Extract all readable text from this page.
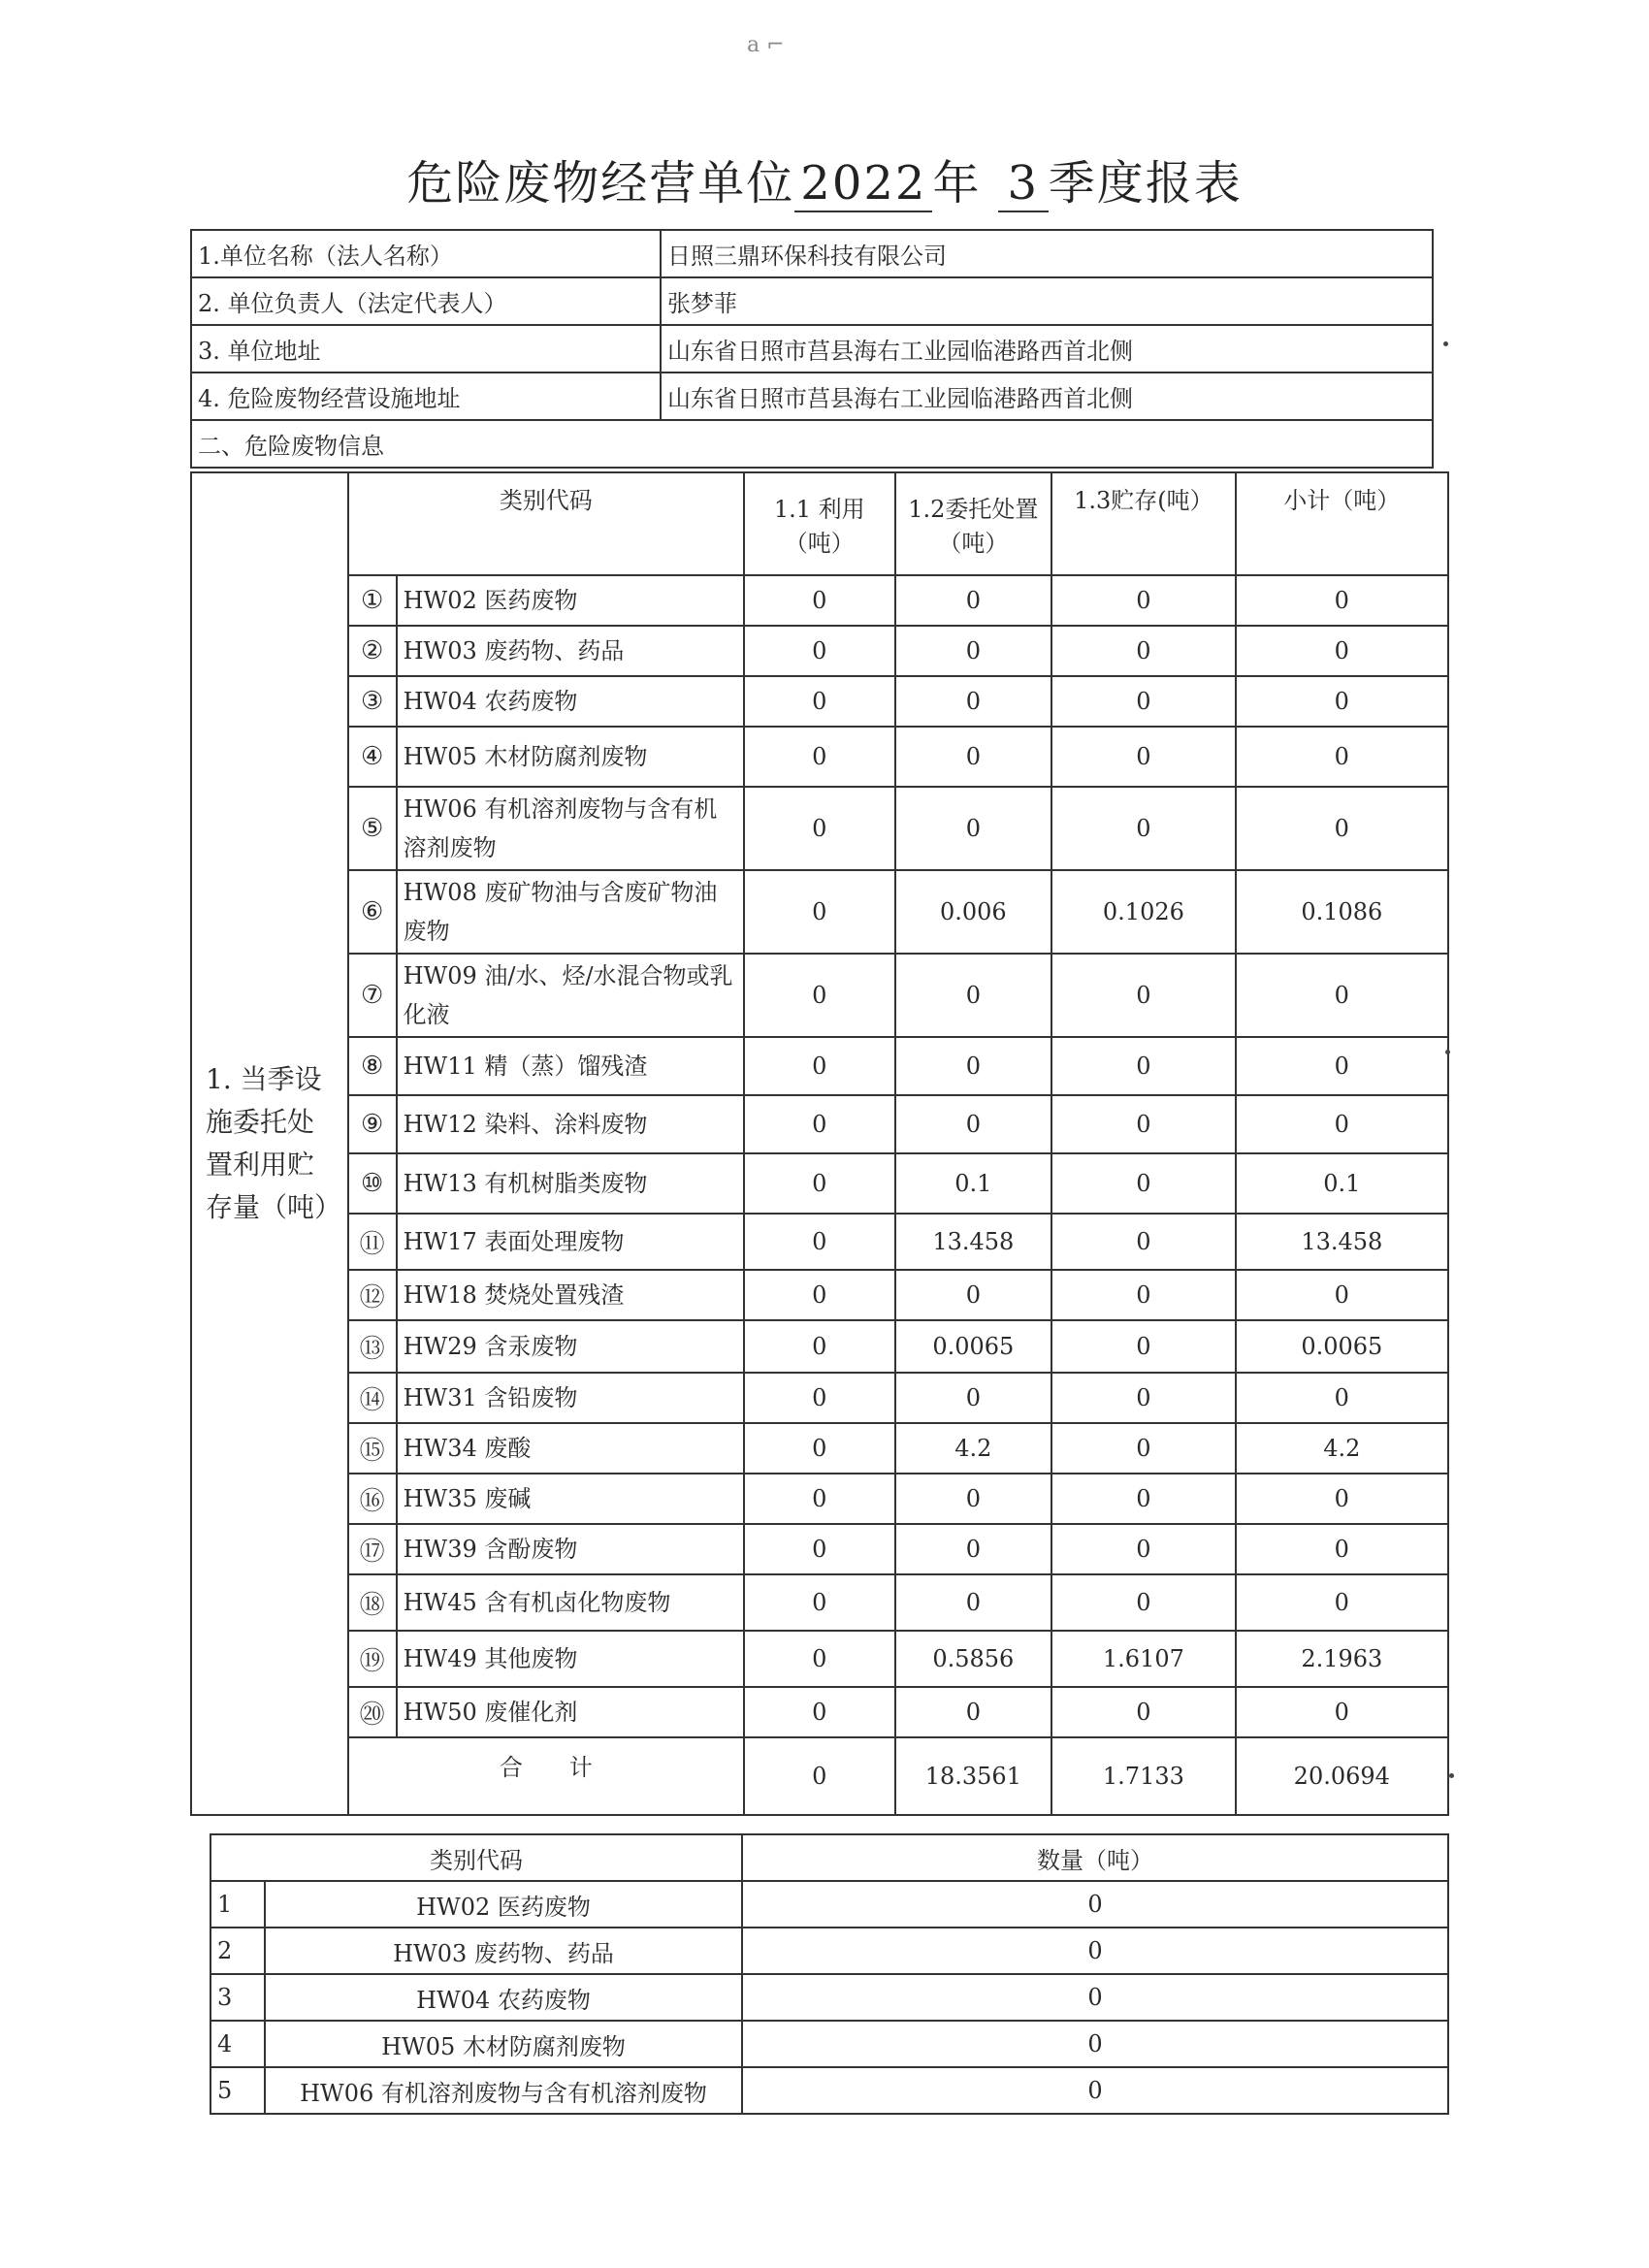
a ⌐
危险废物经营单位 2022 年 3 季度报表
1.单位名称（法人名称）	日照三鼎环保科技有限公司
2. 单位负责人（法定代表人）	张梦菲
3. 单位地址	山东省日照市莒县海右工业园临港路西首北侧
4. 危险废物经营设施地址	山东省日照市莒县海右工业园临港路西首北侧
二、危险废物信息	
1. 当季设施委托处置利用贮存量（吨）	类别代码		1.1 利用（吨）	1.2委托处置（吨）	1.3贮存(吨）	小计（吨）
	①	HW02 医药废物	0	0	0	0
	②	HW03 废药物、药品	0	0	0	0
	③	HW04 农药废物	0	0	0	0
	④	HW05 木材防腐剂废物	0	0	0	0
	⑤	HW06 有机溶剂废物与含有机溶剂废物	0	0	0	0
	⑥	HW08 废矿物油与含废矿物油废物	0	0.006	0.1026	0.1086
	⑦	HW09 油/水、烃/水混合物或乳化液	0	0	0	0
	⑧	HW11 精（蒸）馏残渣	0	0	0	0
	⑨	HW12 染料、涂料废物	0	0	0	0
	⑩	HW13 有机树脂类废物	0	0.1	0	0.1
	⑪	HW17 表面处理废物	0	13.458	0	13.458
	⑫	HW18 焚烧处置残渣	0	0	0	0
	⑬	HW29 含汞废物	0	0.0065	0	0.0065
	⑭	HW31 含铅废物	0	0	0	0
	⑮	HW34 废酸	0	4.2	0	4.2
	⑯	HW35 废碱	0	0	0	0
	⑰	HW39 含酚废物	0	0	0	0
	⑱	HW45 含有机卤化物废物	0	0	0	0
	⑲	HW49 其他废物	0	0.5856	1.6107	2.1963
	⑳	HW50 废催化剂	0	0	0	0
	合　　计		0	18.3561	1.7133	20.0694
类别代码		数量（吨）
1	HW02 医药废物	0
2	HW03 废药物、药品	0
3	HW04 农药废物	0
4	HW05 木材防腐剂废物	0
5	HW06 有机溶剂废物与含有机溶剂废物	0
